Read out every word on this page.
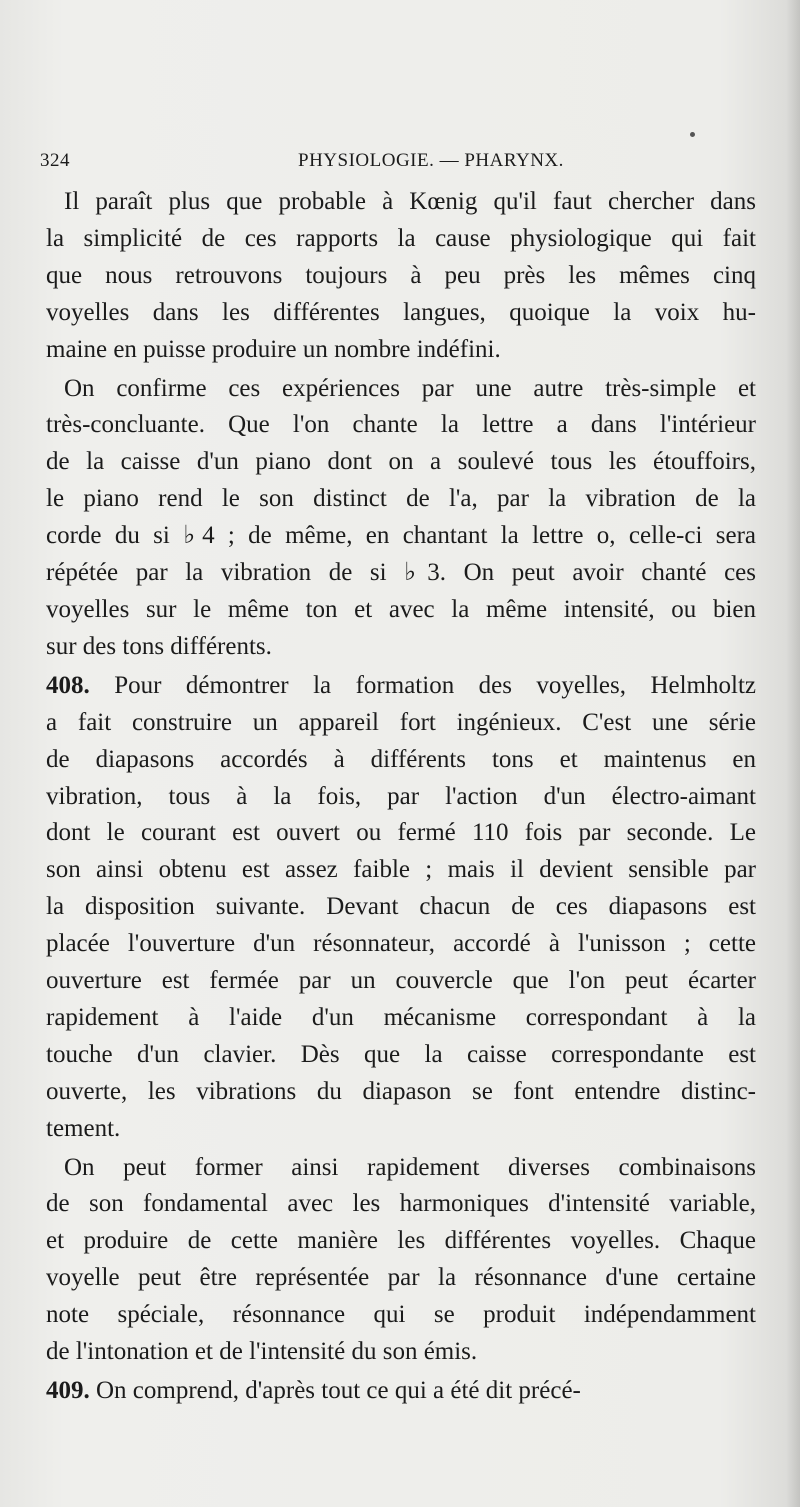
324	PHYSIOLOGIE. — PHARYNX.
Il paraît plus que probable à Kœnig qu'il faut chercher dans
la simplicité de ces rapports la cause physiologique qui fait
que nous retrouvons toujours à peu près les mêmes cinq
voyelles dans les différentes langues, quoique la voix hu-
maine en puisse produire un nombre indéfini.
On confirme ces expériences par une autre très-simple et
très-concluante. Que l'on chante la lettre a dans l'intérieur
de la caisse d'un piano dont on a soulevé tous les étouffoirs,
le piano rend le son distinct de l'a, par la vibration de la
corde du si ♭4 ; de même, en chantant la lettre o, celle-ci sera
répétée par la vibration de si ♭3. On peut avoir chanté ces
voyelles sur le même ton et avec la même intensité, ou bien
sur des tons différents.
408. Pour démontrer la formation des voyelles, Helmholtz
a fait construire un appareil fort ingénieux. C'est une série
de diapasons accordés à différents tons et maintenus en
vibration, tous à la fois, par l'action d'un électro-aimant
dont le courant est ouvert ou fermé 110 fois par seconde. Le
son ainsi obtenu est assez faible ; mais il devient sensible par
la disposition suivante. Devant chacun de ces diapasons est
placée l'ouverture d'un résonnateur, accordé à l'unisson ; cette
ouverture est fermée par un couvercle que l'on peut écarter
rapidement à l'aide d'un mécanisme correspondant à la
touche d'un clavier. Dès que la caisse correspondante est
ouverte, les vibrations du diapason se font entendre distinc-
tement.
On peut former ainsi rapidement diverses combinaisons
de son fondamental avec les harmoniques d'intensité variable,
et produire de cette manière les différentes voyelles. Chaque
voyelle peut être représentée par la résonnance d'une certaine
note spéciale, résonnance qui se produit indépendamment
de l'intonation et de l'intensité du son émis.
409. On comprend, d'après tout ce qui a été dit précé-
